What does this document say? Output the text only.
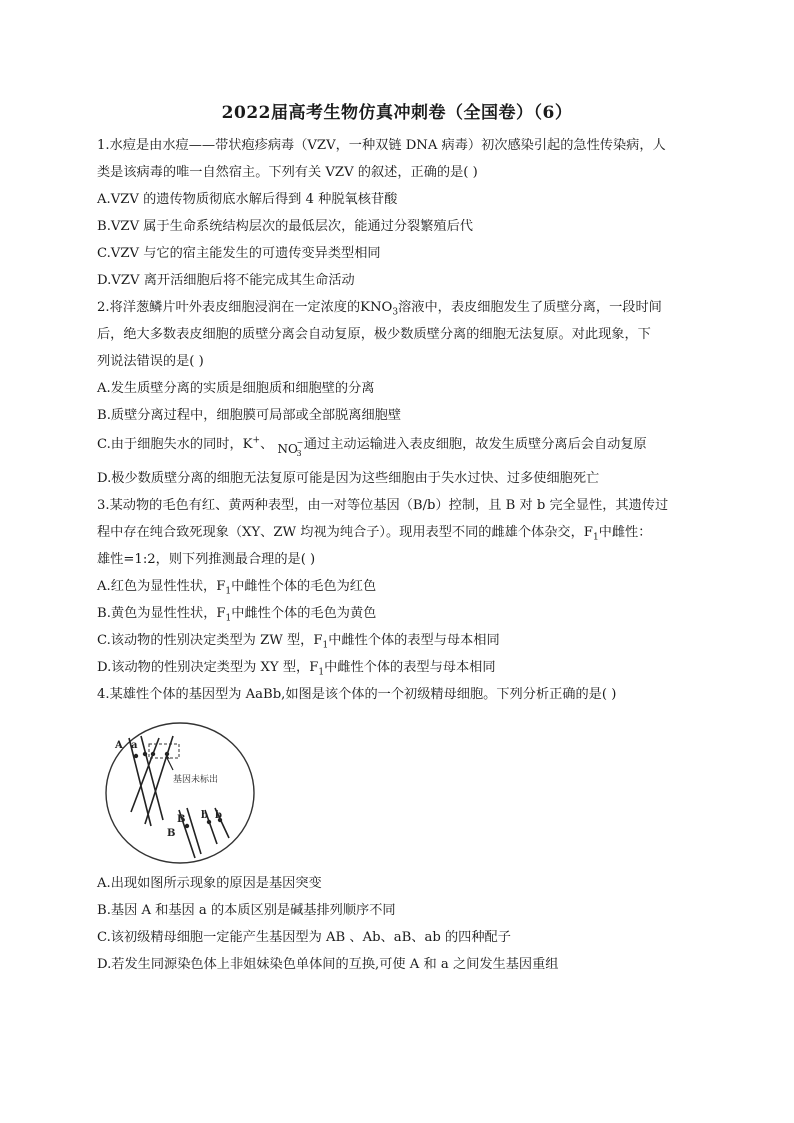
2022届高考生物仿真冲刺卷（全国卷）（6）

1.水痘是由水痘——带状疱疹病毒（VZV，一种双链 DNA 病毒）初次感染引起的急性传染病，人

类是该病毒的唯一自然宿主。下列有关 VZV 的叙述，正确的是( )

A.VZV 的遗传物质彻底水解后得到 4 种脱氧核苷酸

B.VZV 属于生命系统结构层次的最低层次，能通过分裂繁殖后代

C.VZV 与它的宿主能发生的可遗传变异类型相同

D.VZV 离开活细胞后将不能完成其生命活动

2.将洋葱鳞片叶外表皮细胞浸润在一定浓度的$KNO_3$溶液中，表皮细胞发生了质壁分离，一段时间

后，绝大多数表皮细胞的质壁分离会自动复原，极少数质壁分离的细胞无法复原。对此现象，下

列说法错误的是( )

A.发生质壁分离的实质是细胞质和细胞壁的分离

B.质壁分离过程中，细胞膜可局部或全部脱离细胞壁

C.由于细胞失水的同时，K+、 NO
3
− 通过主动运输进入表皮细胞，故发生质壁分离后会自动复原

D.极少数质壁分离的细胞无法复原可能是因为这些细胞由于失水过快、过多使细胞死亡

3.某动物的毛色有红、黄两种表型，由一对等位基因（B/b）控制，且 B 对 b 完全显性，其遗传过

程中存在纯合致死现象（XY、ZW 均视为纯合子）。现用表型不同的雌雄个体杂交，$F_1$中雌性：

雄性=1:2，则下列推测最合理的是( )

A.红色为显性性状，$F_1$中雌性个体的毛色为红色

B.黄色为显性性状，$F_1$中雌性个体的毛色为黄色

C.该动物的性别决定类型为 ZW 型，$F_1$中雌性个体的表型与母本相同

D.该动物的性别决定类型为 XY 型，$F_1$中雌性个体的表型与母本相同

4.某雄性个体的基因型为 AaBb,如图是该个体的一个初级精母细胞。下列分析正确的是( )

基因未标出
A a
B
B
b b

A.出现如图所示现象的原因是基因突变

B.基因 A 和基因 a 的本质区别是碱基排列顺序不同

C.该初级精母细胞一定能产生基因型为 AB 、Ab、aB、ab 的四种配子

D.若发生同源染色体上非姐妹染色单体间的互换,可使 A 和 a 之间发生基因重组
